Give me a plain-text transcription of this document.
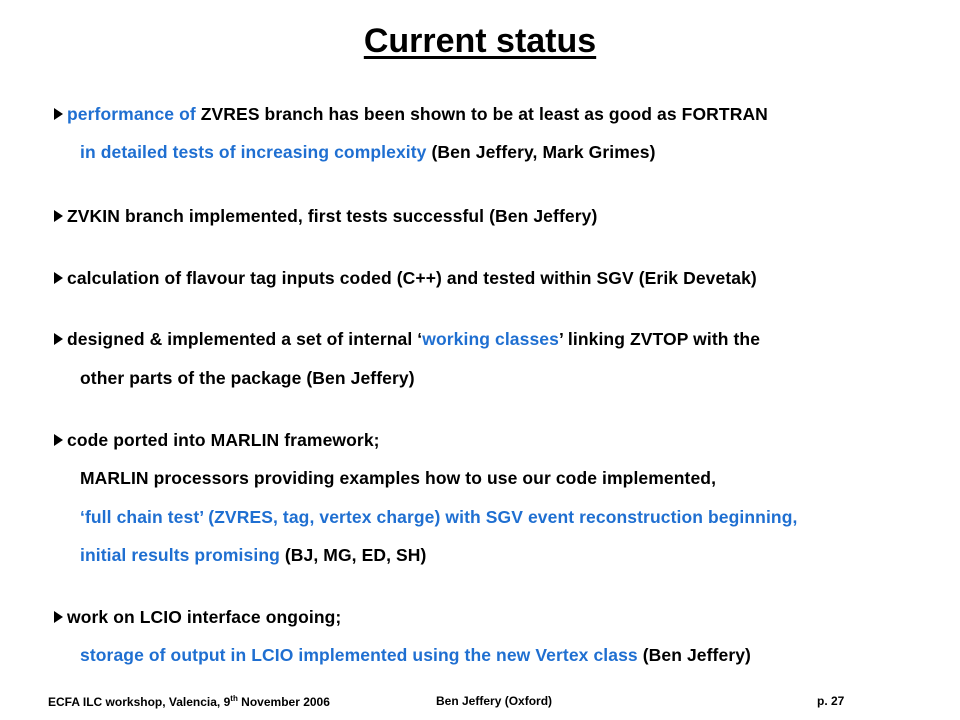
Current status
performance of ZVRES branch has been shown to be at least as good as FORTRAN
in detailed tests of increasing complexity (Ben Jeffery, Mark Grimes)
ZVKIN branch implemented, first tests successful (Ben Jeffery)
calculation of flavour tag inputs coded (C++) and tested within SGV (Erik Devetak)
designed & implemented a set of internal ‘working classes’ linking ZVTOP with the
other parts of the package (Ben Jeffery)
code ported into MARLIN framework;
MARLIN processors providing examples how to use our code implemented,
‘full chain test’ (ZVRES, tag, vertex charge) with SGV event reconstruction beginning,
initial results promising (BJ, MG, ED, SH)
work on LCIO interface ongoing;
storage of output in LCIO implemented using the new Vertex class (Ben Jeffery)
ECFA ILC workshop, Valencia, 9th November 2006	Ben Jeffery (Oxford)	p. 27
